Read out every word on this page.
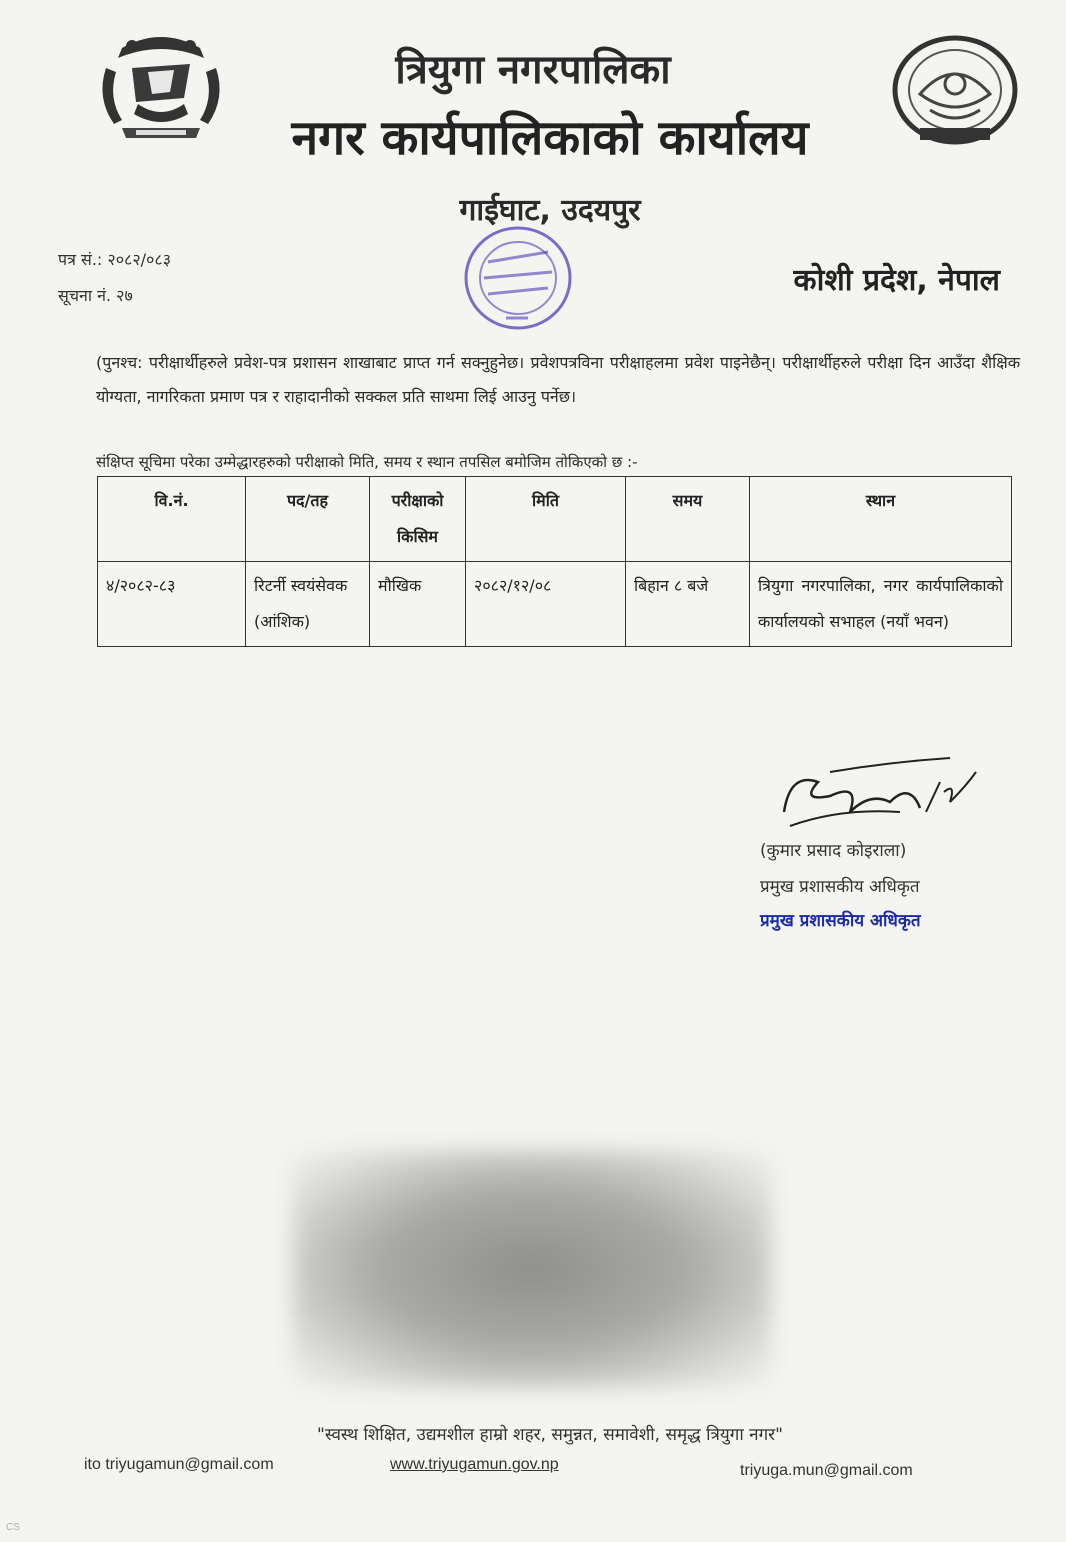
त्रियुगा नगरपालिका
नगर कार्यपालिकाको कार्यालय
गाईघाट, उदयपुर
कोशी प्रदेश, नेपाल
पत्र सं.: २०८२/०८३
सूचना नं. २७
(पुनश्च: परीक्षार्थीहरुले प्रवेश-पत्र प्रशासन शाखाबाट प्राप्त गर्न सक्नुहुनेछ। प्रवेशपत्रविना परीक्षाहलमा प्रवेश पाइनेछैन्। परीक्षार्थीहरुले परीक्षा दिन आउँदा शैक्षिक योग्यता, नागरिकता प्रमाण पत्र र राहादानीको सक्कल प्रति साथमा लिई आउनु पर्नेछ।
संक्षिप्त सूचिमा परेका उम्मेद्धारहरुको परीक्षाको मिति, समय र स्थान तपसिल बमोजिम तोकिएको छ :-
वि.नं.	पद/तह	परीक्षाको किसिम	मिति	समय	स्थान
४/२०८२-८३	रिटर्नी स्वयंसेवक (आंशिक)	मौखिक	२०८२/१२/०८	बिहान ८ बजे	त्रियुगा नगरपालिका, नगर कार्यपालिकाको कार्यालयको सभाहल (नयाँ भवन)
(कुमार प्रसाद कोइराला)
प्रमुख प्रशासकीय अधिकृत
प्रमुख प्रशासकीय अधिकृत
"स्वस्थ शिक्षित, उद्यमशील हाम्रो शहर, समुन्नत, समावेशी, समृद्ध त्रियुगा नगर"
ito triyugamun@gmail.com	www.triyugamun.gov.np	triyuga.mun@gmail.com
CS
